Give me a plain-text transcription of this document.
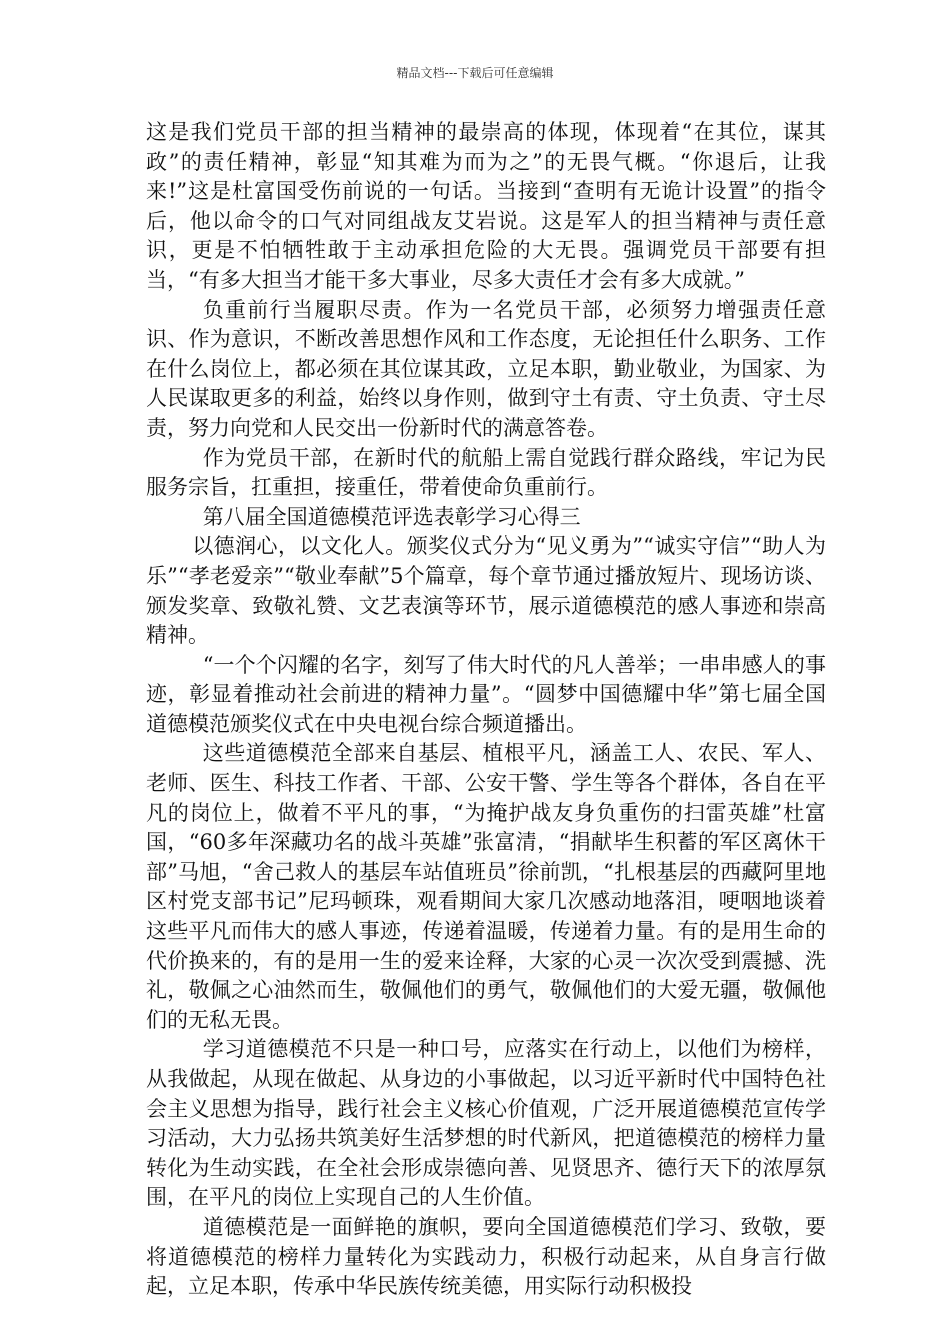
精品文档---下载后可任意编辑

这是我们党员干部的担当精神的最崇高的体现，体现着“在其位，谋其政”的责任精神，彰显“知其难为而为之”的无畏气概。“你退后，让我来!”这是杜富国受伤前说的一句话。当接到“查明有无诡计设置”的指令后，他以命令的口气对同组战友艾岩说。这是军人的担当精神与责任意识，更是不怕牺牲敢于主动承担危险的大无畏。强调党员干部要有担当，“有多大担当才能干多大事业，尽多大责任才会有多大成就。”

负重前行当履职尽责。作为一名党员干部，必须努力增强责任意识、作为意识，不断改善思想作风和工作态度，无论担任什么职务、工作在什么岗位上，都必须在其位谋其政，立足本职，勤业敬业，为国家、为人民谋取更多的利益，始终以身作则，做到守土有责、守土负责、守土尽责，努力向党和人民交出一份新时代的满意答卷。

作为党员干部，在新时代的航船上需自觉践行群众路线，牢记为民服务宗旨，扛重担，接重任，带着使命负重前行。

第八届全国道德模范评选表彰学习心得三

以德润心，以文化人。颁奖仪式分为“见义勇为”“诚实守信”“助人为乐”“孝老爱亲”“敬业奉献”5个篇章，每个章节通过播放短片、现场访谈、颁发奖章、致敬礼赞、文艺表演等环节，展示道德模范的感人事迹和崇高精神。

“一个个闪耀的名字，刻写了伟大时代的凡人善举；一串串感人的事迹，彰显着推动社会前进的精神力量”。“圆梦中国德耀中华”第七届全国道德模范颁奖仪式在中央电视台综合频道播出。

这些道德模范全部来自基层、植根平凡，涵盖工人、农民、军人、老师、医生、科技工作者、干部、公安干警、学生等各个群体，各自在平凡的岗位上，做着不平凡的事，“为掩护战友身负重伤的扫雷英雄”杜富国，“60多年深藏功名的战斗英雄”张富清，“捐献毕生积蓄的军区离休干部”马旭，“舍己救人的基层车站值班员”徐前凯，“扎根基层的西藏阿里地区村党支部书记”尼玛顿珠，观看期间大家几次感动地落泪，哽咽地谈着这些平凡而伟大的感人事迹，传递着温暖，传递着力量。有的是用生命的代价换来的，有的是用一生的爱来诠释，大家的心灵一次次受到震撼、洗礼，敬佩之心油然而生，敬佩他们的勇气，敬佩他们的大爱无疆，敬佩他们的无私无畏。

学习道德模范不只是一种口号，应落实在行动上，以他们为榜样，从我做起，从现在做起、从身边的小事做起，以习近平新时代中国特色社会主义思想为指导，践行社会主义核心价值观，广泛开展道德模范宣传学习活动，大力弘扬共筑美好生活梦想的时代新风，把道德模范的榜样力量转化为生动实践，在全社会形成崇德向善、见贤思齐、德行天下的浓厚氛围，在平凡的岗位上实现自己的人生价值。

道德模范是一面鲜艳的旗帜，要向全国道德模范们学习、致敬，要将道德模范的榜样力量转化为实践动力，积极行动起来，从自身言行做起，立足本职，传承中华民族传统美德，用实际行动积极投
